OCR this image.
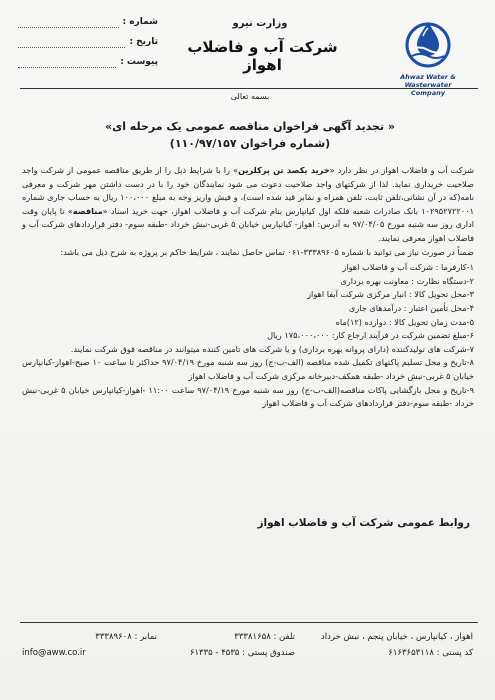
شماره :
تاریخ :
پیوست :
وزارت نیرو
شرکت آب و فاضلاب اهواز
Ahwaz Water & Wasterwater
Company
بسمه تعالی
« تجدید آگهی فراخوان مناقصه عمومی یک مرحله ای»
(شماره فراخوان ۱۱۰/۹۷/۱۵۷)

شرکت آب و فاضلاب اهواز در نظر دارد «خرید یکصد تن پرکلرین» را با شرایط ذیل را از طریق مناقصه عمومی از شرکت واجد صلاحیت خریداری نماید. لذا از شرکتهای واجد صلاحیت دعوت می شود نمایندگان خود را با در دست داشتن مهر شرکت و معرفی نامه(که در آن نشانی،تلفن ثابت، تلفن همراه و نمابر قید شده است)، و فیش واریز وجه به مبلغ ۱۰۰،۰۰۰ ریال به حساب جاری شماره ۱۰۲۹۵۲۷۲۲۰۰۱ بانک صادرات شعبه فلکه اول کیانپارس بنام شرکت آب و فاضلاب اهواز، جهت خرید اسناد «مناقصه» تا پایان وقت اداری روز سه شنبه مورخ ۹۷/۰۴/۰۵ به آدرس: اهواز- کیانپارس خیابان ۵ غربی-نبش خرداد -طبقه سوم- دفتر قراردادهای شرکت آب و فاضلاب اهواز معرفی نمایند.

ضمناً در صورت نیاز می توانید با شماره ۳۳۳۸۹۶۰۵-۰۶۱ تماس حاصل نمایند ، شرایط حاکم بر پروژه به شرح ذیل می باشد:

۱-کارفرما : شرکت آب و فاضلاب اهواز
۲-دستگاه نظارت : معاونت بهره برداری
۳-محل تحویل کالا : انبار مرکزی شرکت آبفا اهواز
۴-محل تأمین اعتبار : درآمدهای جاری
۵-مدت زمان تحویل کالا : دوازده (۱۲)ماه
۶-مبلغ تضمین شرکت در فرآیند ارجاع کار: ۱۷۵،۰۰۰،۰۰۰ ریال
۷-شرکت های تولیدکننده (دارای پروانه بهره برداری) و یا شرکت های تامین کننده میتوانند در مناقصه فوق شرکت نمایند.
۸-تاریخ و محل تسلیم پاکتهای تکمیل شده مناقصه (الف-ب-ج) روز سه شنبه مورخ ۹۷/۰۴/۱۹ حداکثر تا ساعت ۱۰ صبح-اهواز-کیانپارس خیابان ۵ غربی-نبش خرداد -طبقه همکف-دبیرخانه مرکزی شرکت آب و فاضلاب اهواز
۹-تاریخ و محل بازگشایی پاکات مناقصه(الف-ب-ج) روز سه شنبه مورخ ۹۷/۰۴/۱۹ ساعت ۱۱:۰۰ -اهواز-کیانپارس خیابان ۵ غربی-نبش خرداد -طبقه سوم-دفتر قراردادهای شرکت آب و فاضلاب اهواز
روابط عمومی شرکت آب و فاضلاب اهواز
اهواز ، کیانپارس ، خیابان پنجم ، نبش خرداد
کد پستی : ۶۱۶۳۶۵۳۱۱۸
تلفن : ۳۳۳۸۱۶۵۸
صندوق پستی : ۴۵۳۵ - ۶۱۳۳۵
نمابر : ۳۳۳۸۹۶۰۸
info@aww.co.ir
